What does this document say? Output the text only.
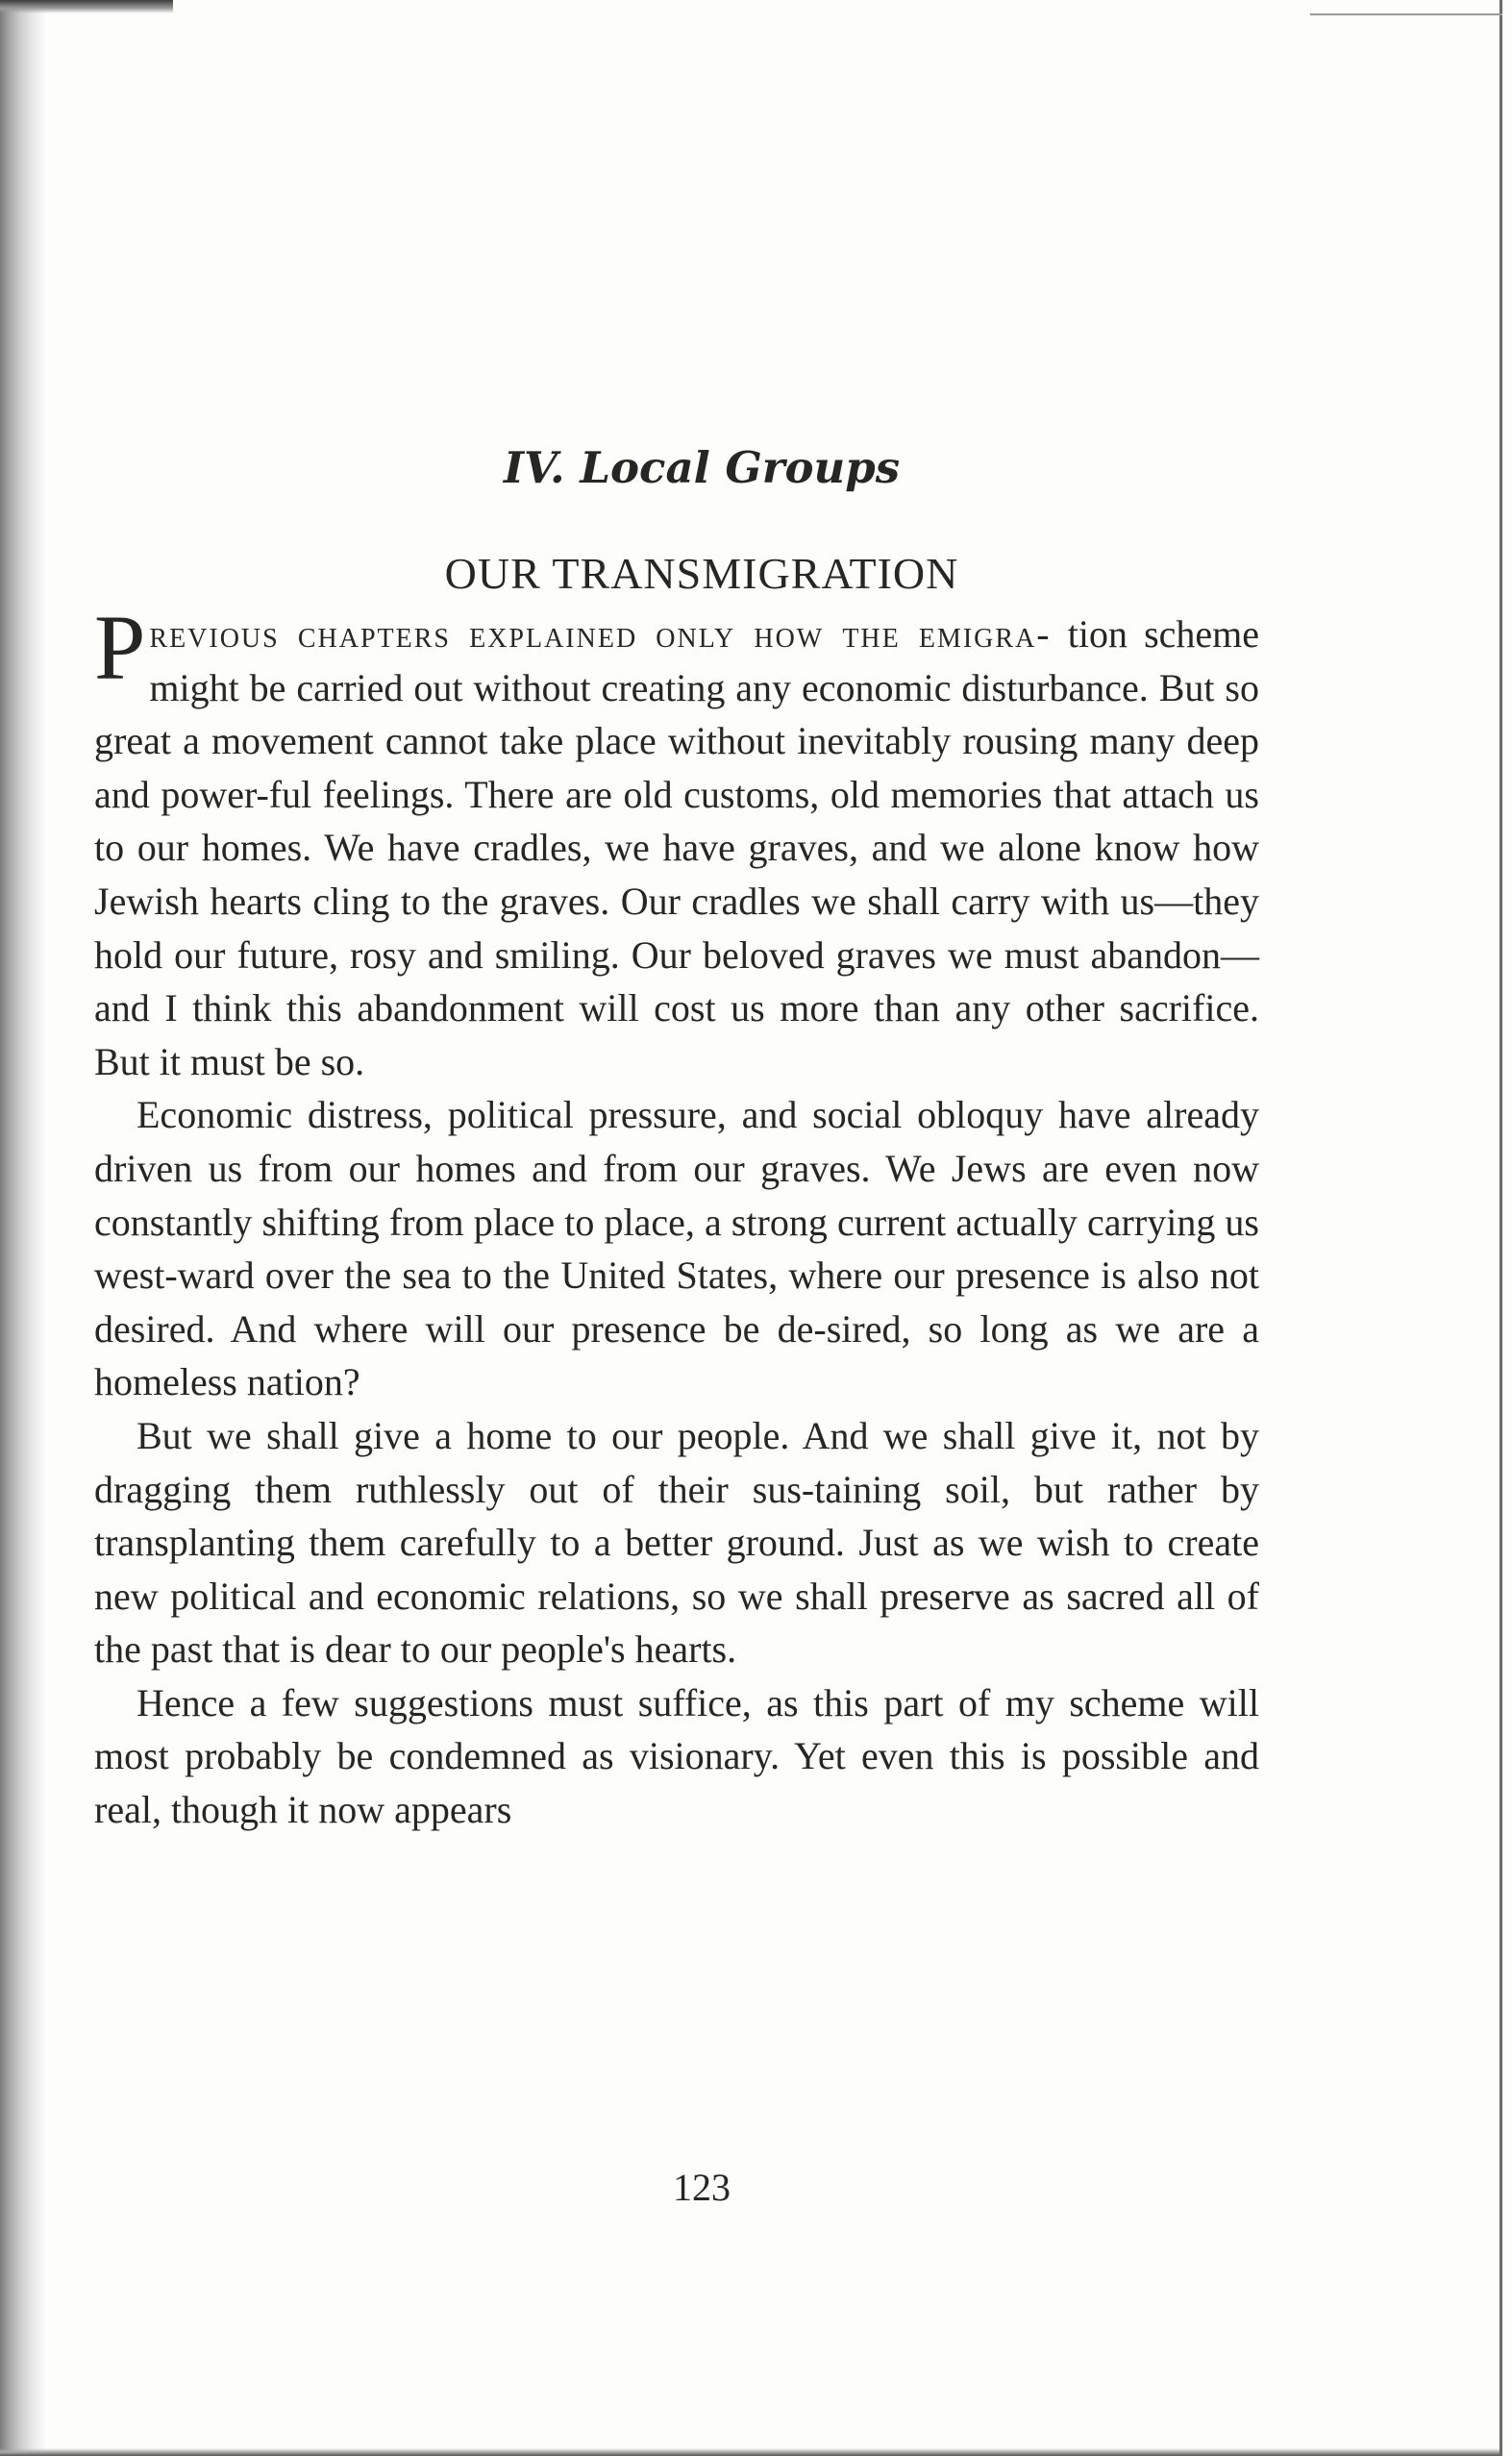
IV. Local Groups
OUR TRANSMIGRATION

Previous chapters explained only how the emigra- tion scheme might be carried out without creating any economic disturbance. But so great a movement cannot take place without inevitably rousing many deep and power-ful feelings. There are old customs, old memories that attach us to our homes. We have cradles, we have graves, and we alone know how Jewish hearts cling to the graves. Our cradles we shall carry with us—they hold our future, rosy and smiling. Our beloved graves we must abandon—and I think this abandonment will cost us more than any other sacrifice. But it must be so.

Economic distress, political pressure, and social obloquy have already driven us from our homes and from our graves. We Jews are even now constantly shifting from place to place, a strong current actually carrying us west-ward over the sea to the United States, where our presence is also not desired. And where will our presence be de-sired, so long as we are a homeless nation?

But we shall give a home to our people. And we shall give it, not by dragging them ruthlessly out of their sus-taining soil, but rather by transplanting them carefully to a better ground. Just as we wish to create new political and economic relations, so we shall preserve as sacred all of the past that is dear to our people's hearts.

Hence a few suggestions must suffice, as this part of my scheme will most probably be condemned as visionary. Yet even this is possible and real, though it now appears

123
